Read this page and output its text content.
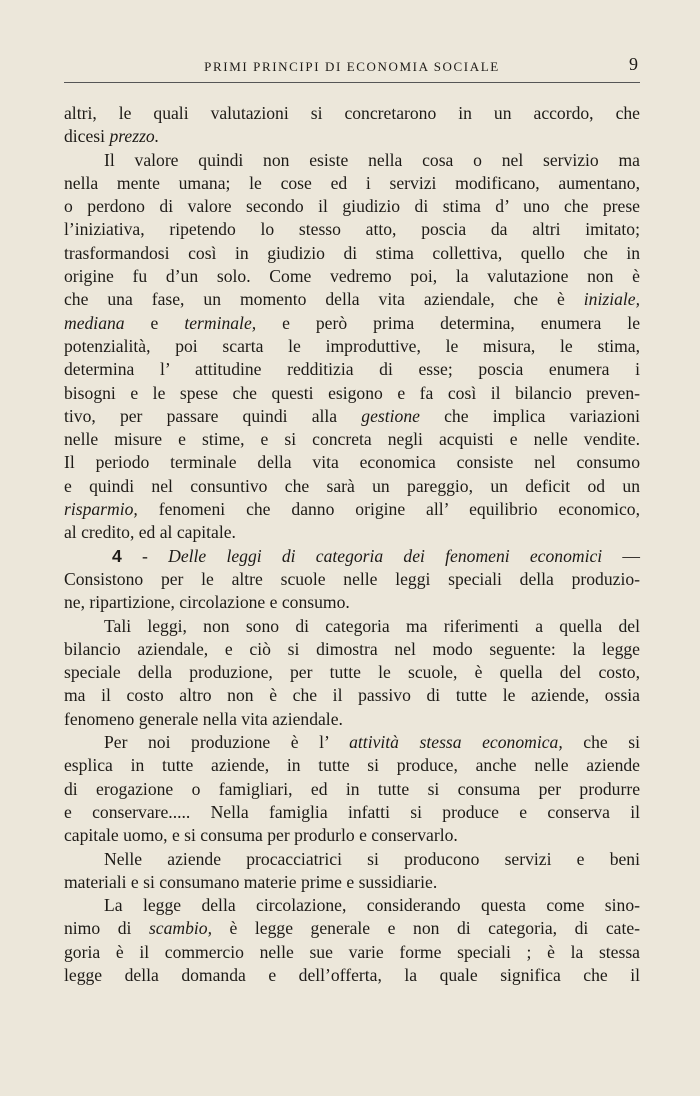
PRIMI PRINCIPI DI ECONOMIA SOCIALE	9
altri, le quali valutazioni si concretarono in un accordo, che
dicesi prezzo.
Il valore quindi non esiste nella cosa o nel servizio ma
nella mente umana; le cose ed i servizi modificano, aumentano,
o perdono di valore secondo il giudizio di stima d’ uno che prese
l’iniziativa, ripetendo lo stesso atto, poscia da altri imitato;
trasformandosi così in giudizio di stima collettiva, quello che in
origine fu d’un solo. Come vedremo poi, la valutazione non è
che una fase, un momento della vita aziendale, che è iniziale,
mediana e terminale, e però prima determina, enumera le
potenzialità, poi scarta le improduttive, le misura, le stima,
determina l’ attitudine redditizia di esse; poscia enumera i
bisogni e le spese che questi esigono e fa così il bilancio preven-
tivo, per passare quindi alla gestione che implica variazioni
nelle misure e stime, e si concreta negli acquisti e nelle vendite.
Il periodo terminale della vita economica consiste nel consumo
e quindi nel consuntivo che sarà un pareggio, un deficit od un
risparmio, fenomeni che danno origine all’ equilibrio economico,
al credito, ed al capitale.
4 - Delle leggi di categoria dei fenomeni economici —
Consistono per le altre scuole nelle leggi speciali della produzio-
ne, ripartizione, circolazione e consumo.
Tali leggi, non sono di categoria ma riferimenti a quella del
bilancio aziendale, e ciò si dimostra nel modo seguente: la legge
speciale della produzione, per tutte le scuole, è quella del costo,
ma il costo altro non è che il passivo di tutte le aziende, ossia
fenomeno generale nella vita aziendale.
Per noi produzione è l’ attività stessa economica, che si
esplica in tutte aziende, in tutte si produce, anche nelle aziende
di erogazione o famigliari, ed in tutte si consuma per produrre
e conservare..... Nella famiglia infatti si produce e conserva il
capitale uomo, e si consuma per produrlo e conservarlo.
Nelle aziende procacciatrici si producono servizi e beni
materiali e si consumano materie prime e sussidiarie.
La legge della circolazione, considerando questa come sino-
nimo di scambio, è legge generale e non di categoria, di cate-
goria è il commercio nelle sue varie forme speciali ; è la stessa
legge della domanda e dell’offerta, la quale significa che il
